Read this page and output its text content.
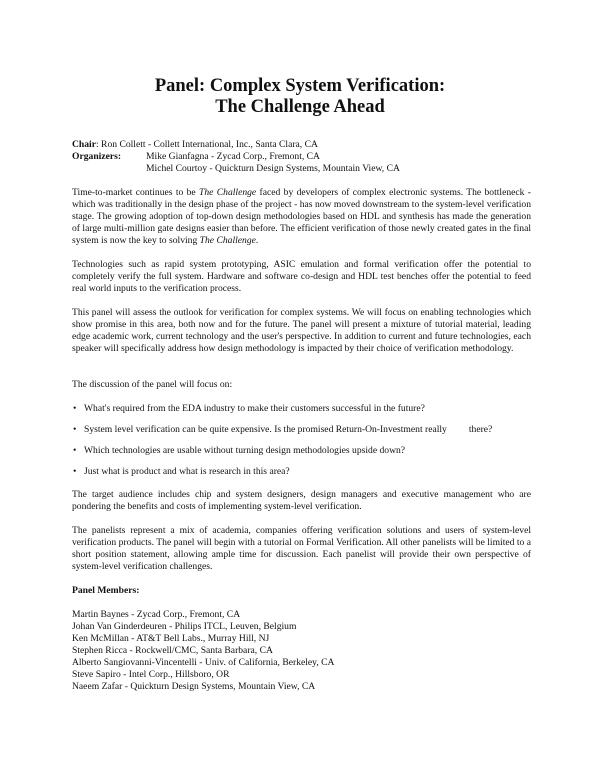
Panel: Complex System Verification:
The Challenge Ahead
Chair: Ron Collett - Collett International, Inc., Santa Clara, CA
Organizers:	Mike Gianfagna - Zycad Corp., Fremont, CA
Michel Courtoy - Quickturn Design Systems, Mountain View, CA
Time-to-market continues to be The Challenge faced by developers of complex electronic systems. The bottleneck - which was traditionally in the design phase of the project - has now moved downstream to the system-level verification stage. The growing adoption of top-down design methodologies based on HDL and synthesis has made the generation of large multi-million gate designs easier than before. The efficient verification of those newly created gates in the final system is now the key to solving The Challenge.
Technologies such as rapid system prototyping, ASIC emulation and formal verification offer the potential to completely verify the full system. Hardware and software co-design and HDL test benches offer the potential to feed real world inputs to the verification process.
This panel will assess the outlook for verification for complex systems. We will focus on enabling technologies which show promise in this area, both now and for the future. The panel will present a mixture of tutorial material, leading edge academic work, current technology and the user's perspective. In addition to current and future technologies, each speaker will specifically address how design methodology is impacted by their choice of verification methodology.
The discussion of the panel will focus on:
• What's required from the EDA industry to make their customers successful in the future?
• System level verification can be quite expensive. Is the promised Return-On-Investment really there?
• Which technologies are usable without turning design methodologies upside down?
• Just what is product and what is research in this area?
The target audience includes chip and system designers, design managers and executive management who are pondering the benefits and costs of implementing system-level verification.
The panelists represent a mix of academia, companies offering verification solutions and users of system-level verification products. The panel will begin with a tutorial on Formal Verification. All other panelists will be limited to a short position statement, allowing ample time for discussion. Each panelist will provide their own perspective of system-level verification challenges.
Panel Members:
Martin Baynes - Zycad Corp., Fremont, CA
Johan Van Ginderdeuren - Philips ITCL, Leuven, Belgium
Ken McMillan - AT&T Bell Labs., Murray Hill, NJ
Stephen Ricca - Rockwell/CMC, Santa Barbara, CA
Alberto Sangiovanni-Vincentelli - Univ. of California, Berkeley, CA
Steve Sapiro - Intel Corp., Hillsboro, OR
Naeem Zafar - Quickturn Design Systems, Mountain View, CA
